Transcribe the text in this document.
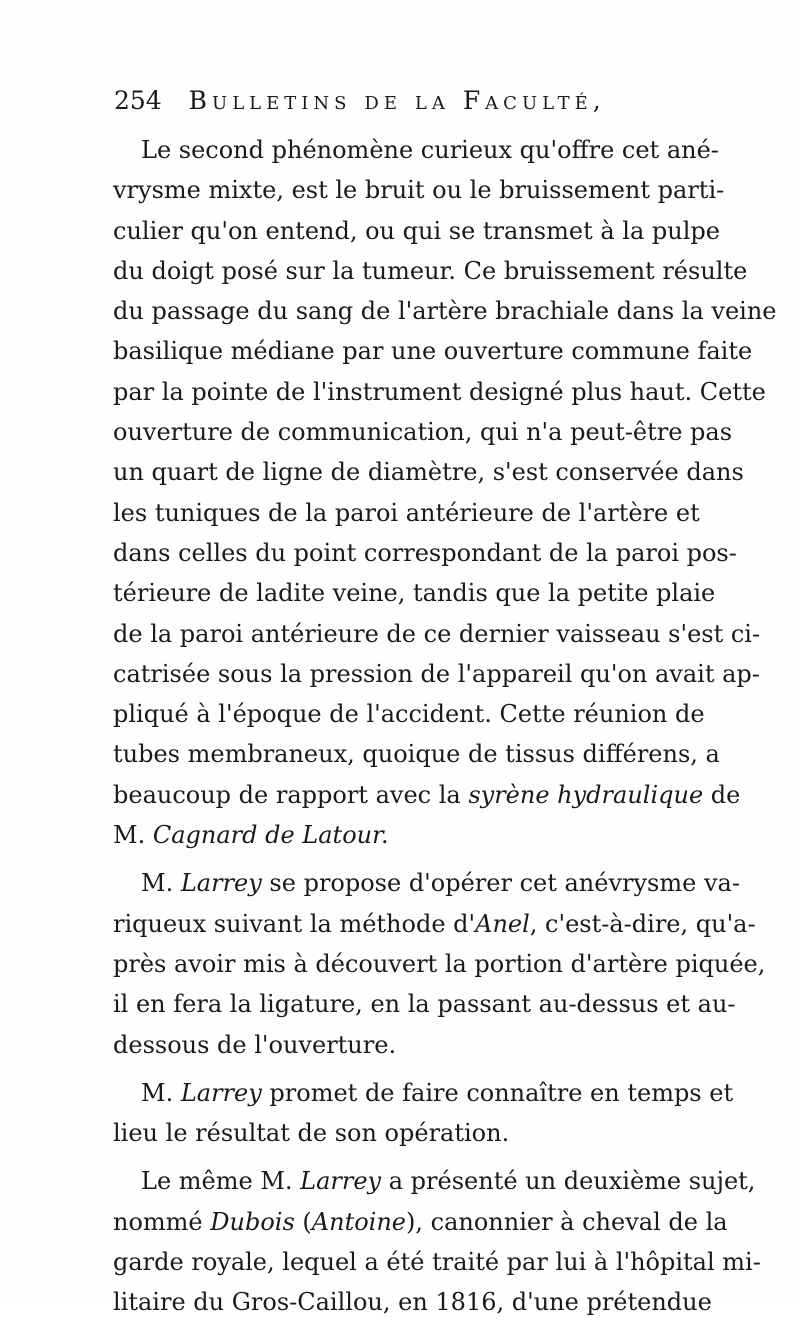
254 Bulletins de la Faculté,
Le second phénomène curieux qu'offre cet ané-
vrysme mixte, est le bruit ou le bruissement parti-
culier qu'on entend, ou qui se transmet à la pulpe
du doigt posé sur la tumeur. Ce bruissement résulte
du passage du sang de l'artère brachiale dans la veine
basilique médiane par une ouverture commune faite
par la pointe de l'instrument designé plus haut. Cette
ouverture de communication, qui n'a peut-être pas
un quart de ligne de diamètre, s'est conservée dans
les tuniques de la paroi antérieure de l'artère et
dans celles du point correspondant de la paroi pos-
térieure de ladite veine, tandis que la petite plaie
de la paroi antérieure de ce dernier vaisseau s'est ci-
catrisée sous la pression de l'appareil qu'on avait ap-
pliqué à l'époque de l'accident. Cette réunion de
tubes membraneux, quoique de tissus différens, a
beaucoup de rapport avec la syrène hydraulique de
M. Cagnard de Latour.
M. Larrey se propose d'opérer cet anévrysme va-
riqueux suivant la méthode d'Anel, c'est-à-dire, qu'a-
près avoir mis à découvert la portion d'artère piquée,
il en fera la ligature, en la passant au-dessus et au-
dessous de l'ouverture.
M. Larrey promet de faire connaître en temps et
lieu le résultat de son opération.
Le même M. Larrey a présenté un deuxième sujet,
nommé Dubois (Antoine), canonnier à cheval de la
garde royale, lequel a été traité par lui à l'hôpital mi-
litaire du Gros-Caillou, en 1816, d'une prétendue
